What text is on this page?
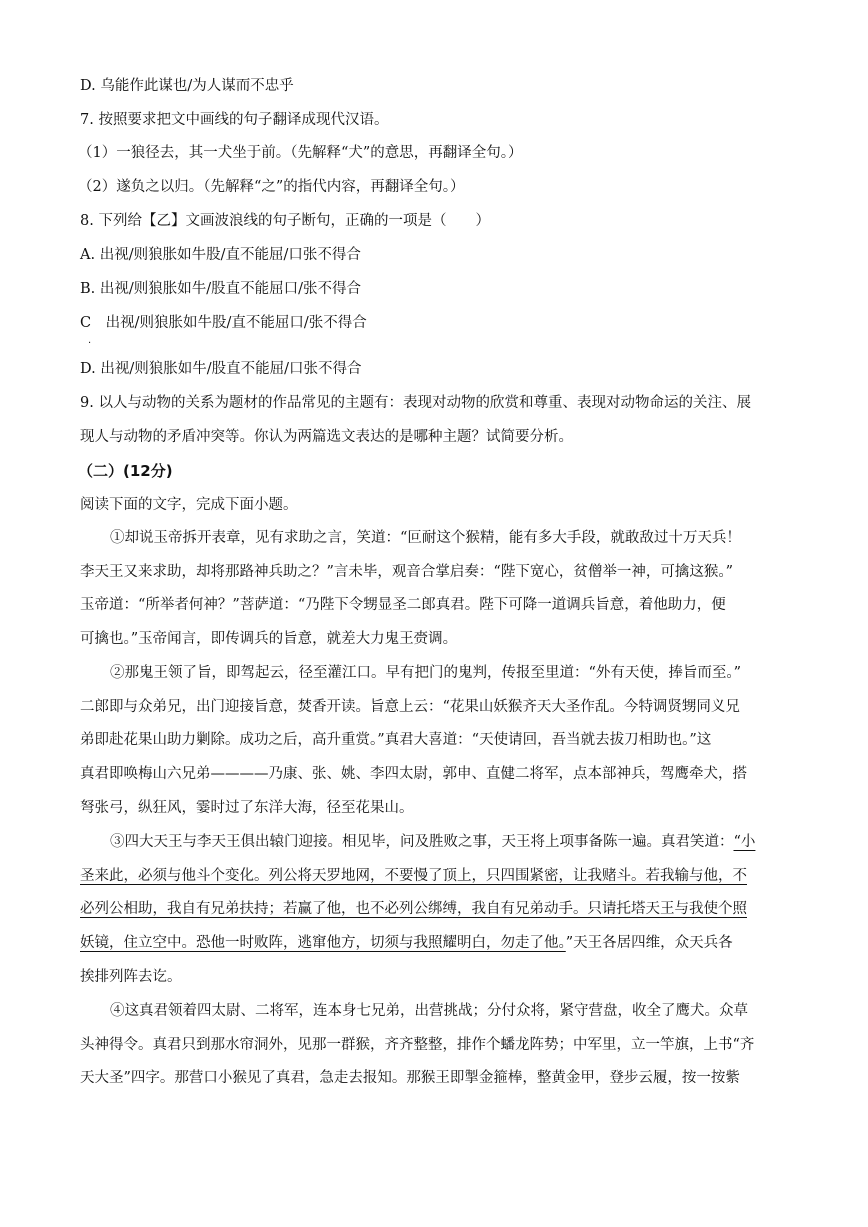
D. 乌能作此谋也/为人谋而不忠乎
7. 按照要求把文中画线的句子翻译成现代汉语。
（1）一狼径去，其一犬坐于前。（先解释“犬”的意思，再翻译全句。）
（2）遂负之以归。（先解释“之”的指代内容，再翻译全句。）
8. 下列给【乙】文画波浪线的句子断句，正确的一项是（　　）
A. 出视/则狼胀如牛股/直不能屈/口张不得合
B. 出视/则狼胀如牛/股直不能屈口/张不得合
C　出视/则狼胀如牛股/直不能屈口/张不得合
.
D. 出视/则狼胀如牛/股直不能屈/口张不得合
9. 以人与动物的关系为题材的作品常见的主题有：表现对动物的欣赏和尊重、表现对动物命运的关注、展
现人与动物的矛盾冲突等。你认为两篇选文表达的是哪种主题？试简要分析。
（二）(12分)
阅读下面的文字，完成下面小题。
①却说玉帝拆开表章，见有求助之言，笑道：“叵耐这个猴精，能有多大手段，就敢敌过十万天兵！
李天王又来求助，却将那路神兵助之？”言未毕，观音合掌启奏：“陛下宽心，贫僧举一神，可擒这猴。”
玉帝道：“所举者何神？”菩萨道：“乃陛下令甥显圣二郎真君。陛下可降一道调兵旨意，着他助力，便
可擒也。”玉帝闻言，即传调兵的旨意，就差大力鬼王赍调。
②那鬼王领了旨，即驾起云，径至灌江口。早有把门的鬼判，传报至里道：“外有天使，捧旨而至。”
二郎即与众弟兄，出门迎接旨意，焚香开读。旨意上云：“花果山妖猴齐天大圣作乱。今特调贤甥同义兄
弟即赴花果山助力剿除。成功之后，高升重赏。”真君大喜道：“天使请回，吾当就去拔刀相助也。”这
真君即唤梅山六兄弟————乃康、张、姚、李四太尉，郭申、直健二将军，点本部神兵，驾鹰牵犬，搭
弩张弓，纵狂风，霎时过了东洋大海，径至花果山。
③四大天王与李天王俱出辕门迎接。相见毕，问及胜败之事，天王将上项事备陈一遍。真君笑道：“小
圣来此，必须与他斗个变化。列公将天罗地网，不要慢了顶上，只四围紧密，让我赌斗。若我输与他，不
必列公相助，我自有兄弟扶持；若赢了他，也不必列公绑缚，我自有兄弟动手。只请托塔天王与我使个照
妖镜，住立空中。恐他一时败阵，逃窜他方，切须与我照耀明白，勿走了他。”天王各居四维，众天兵各
挨排列阵去讫。
④这真君领着四太尉、二将军，连本身七兄弟，出营挑战；分付众将，紧守营盘，收全了鹰犬。众草
头神得令。真君只到那水帘洞外，见那一群猴，齐齐整整，排作个蟠龙阵势；中军里，立一竿旗，上书“齐
天大圣”四字。那营口小猴见了真君，急走去报知。那猴王即掣金箍棒，整黄金甲，登步云履，按一按紫
